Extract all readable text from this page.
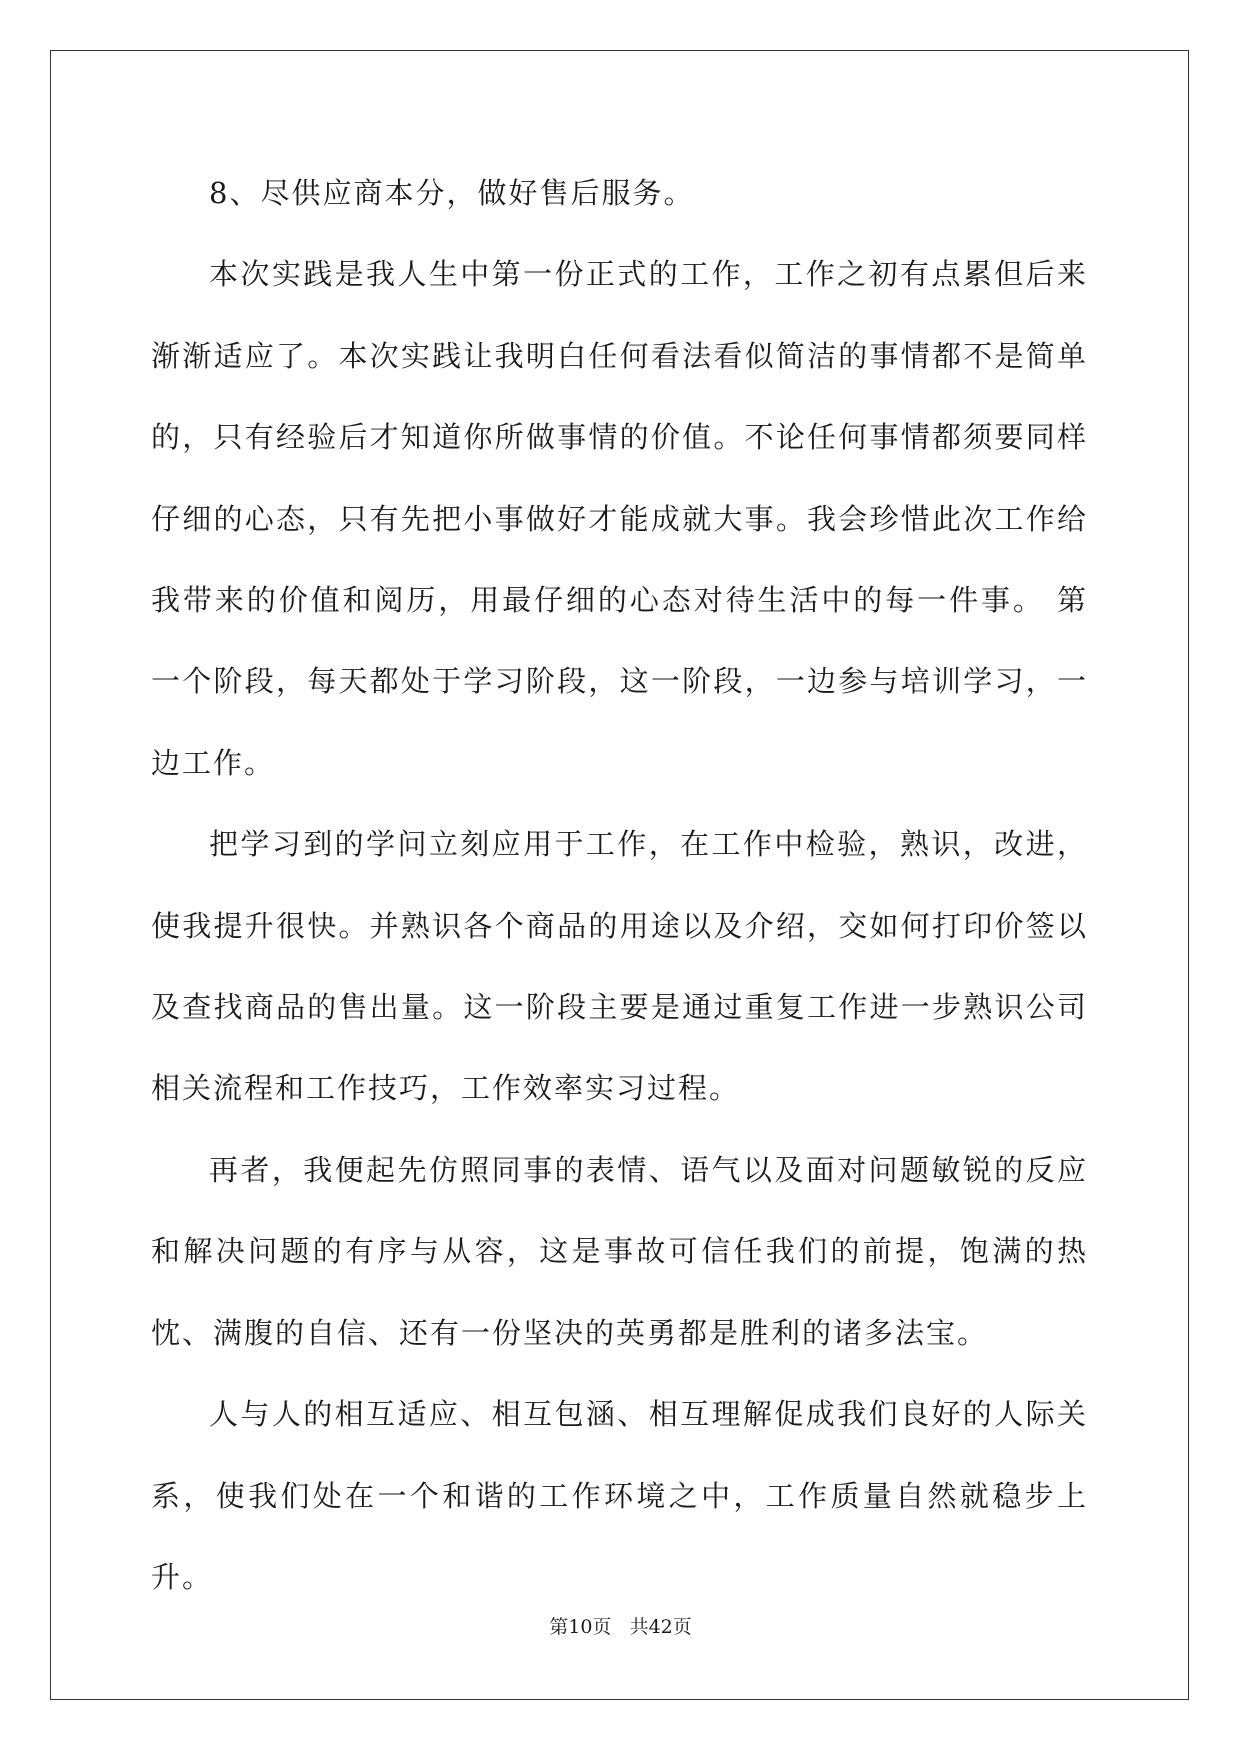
8、尽供应商本分，做好售后服务。

本次实践是我人生中第一份正式的工作，工作之初有点累但后来渐渐适应了。本次实践让我明白任何看法看似简洁的事情都不是简单的，只有经验后才知道你所做事情的价值。不论任何事情都须要同样仔细的心态，只有先把小事做好才能成就大事。我会珍惜此次工作给我带来的价值和阅历，用最仔细的心态对待生活中的每一件事。 第一个阶段，每天都处于学习阶段，这一阶段，一边参与培训学习，一边工作。

把学习到的学问立刻应用于工作，在工作中检验，熟识，改进，使我提升很快。并熟识各个商品的用途以及介绍，交如何打印价签以及查找商品的售出量。这一阶段主要是通过重复工作进一步熟识公司相关流程和工作技巧，工作效率实习过程。

再者，我便起先仿照同事的表情、语气以及面对问题敏锐的反应和解决问题的有序与从容，这是事故可信任我们的前提，饱满的热忱、满腹的自信、还有一份坚决的英勇都是胜利的诸多法宝。

人与人的相互适应、相互包涵、相互理解促成我们良好的人际关系，使我们处在一个和谐的工作环境之中，工作质量自然就稳步上升。

第10页 共42页
